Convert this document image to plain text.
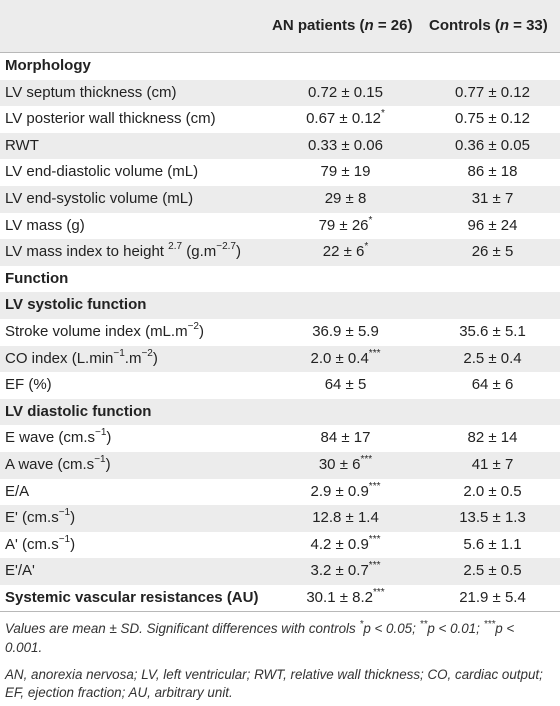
AN patients (n = 26) Controls (n = 33)
Morphology
LV septum thickness (cm)	0.72 ± 0.15	0.77 ± 0.12
LV posterior wall thickness (cm)	0.67 ± 0.12*	0.75 ± 0.12
RWT	0.33 ± 0.06	0.36 ± 0.05
LV end-diastolic volume (mL)	79 ± 19	86 ± 18
LV end-systolic volume (mL)	29 ± 8	31 ± 7
LV mass (g)	79 ± 26*	96 ± 24
LV mass index to height $^{2.7}$ $(g.m^{-2.7})$	22 ± 6*	26 ± 5
Function
LV systolic function
Stroke volume index $(mL.m^{-2})$	36.9 ± 5.9	35.6 ± 5.1
CO index $(L.\min^{-1}.m^{-2})$	2.0 ± 0.4***	2.5 ± 0.4
EF (%)	64 ± 5	64 ± 6
LV diastolic function
E wave $(cm.s^{-1})$	84 ± 17	82 ± 14
A wave $(cm.s^{-1})$	30 ± 6***	41 ± 7
E/A	2.9 ± 0.9***	2.0 ± 0.5
E' $(cm.s^{-1})$	12.8 ± 1.4	13.5 ± 1.3
A' $(cm.s^{-1})$	4.2 ± 0.9***	5.6 ± 1.1
E'/A'	3.2 ± 0.7***	2.5 ± 0.5
Systemic vascular resistances (AU)	30.1 ± 8.2***	21.9 ± 5.4

Values are mean ± SD. Significant differences with controls *p < 0.05; **p < 0.01; ***p < 0.001.

AN, anorexia nervosa; LV, left ventricular; RWT, relative wall thickness; CO, cardiac output; EF, ejection fraction; AU, arbitrary unit.
